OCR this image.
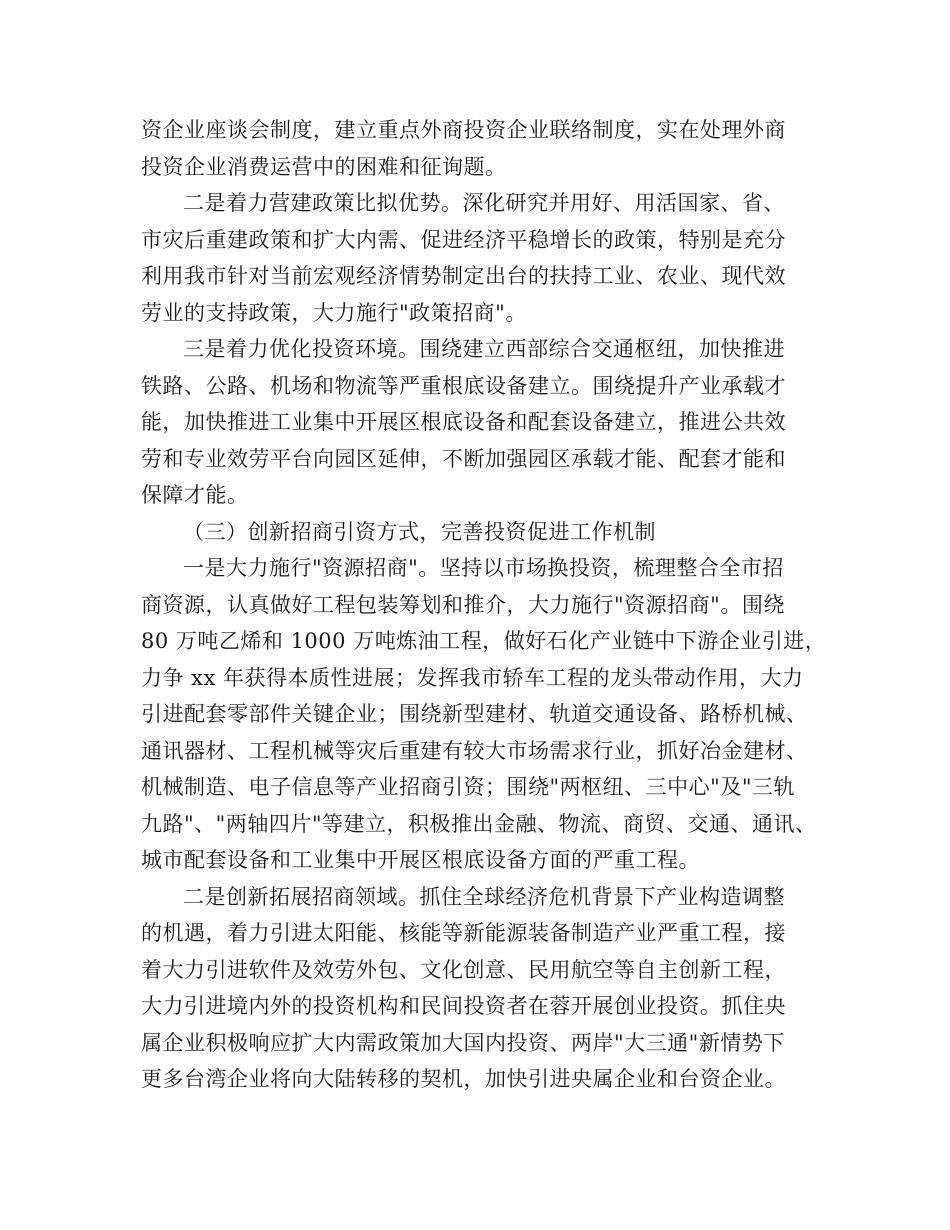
资企业座谈会制度，建立重点外商投资企业联络制度，实在处理外商
投资企业消费运营中的困难和征询题。
二是着力营建政策比拟优势。深化研究并用好、用活国家、省、
市灾后重建政策和扩大内需、促进经济平稳增长的政策，特别是充分
利用我市针对当前宏观经济情势制定出台的扶持工业、农业、现代效
劳业的支持政策，大力施行"政策招商"。
三是着力优化投资环境。围绕建立西部综合交通枢纽，加快推进
铁路、公路、机场和物流等严重根底设备建立。围绕提升产业承载才
能，加快推进工业集中开展区根底设备和配套设备建立，推进公共效
劳和专业效劳平台向园区延伸，不断加强园区承载才能、配套才能和
保障才能。
（三）创新招商引资方式，完善投资促进工作机制
一是大力施行"资源招商"。坚持以市场换投资，梳理整合全市招
商资源，认真做好工程包装筹划和推介，大力施行"资源招商"。围绕
80 万吨乙烯和 1000 万吨炼油工程，做好石化产业链中下游企业引进，
力争 xx 年获得本质性进展；发挥我市轿车工程的龙头带动作用，大力
引进配套零部件关键企业；围绕新型建材、轨道交通设备、路桥机械、
通讯器材、工程机械等灾后重建有较大市场需求行业，抓好冶金建材、
机械制造、电子信息等产业招商引资；围绕"两枢纽、三中心"及"三轨
九路"、"两轴四片"等建立，积极推出金融、物流、商贸、交通、通讯、
城市配套设备和工业集中开展区根底设备方面的严重工程。
二是创新拓展招商领域。抓住全球经济危机背景下产业构造调整
的机遇，着力引进太阳能、核能等新能源装备制造产业严重工程，接
着大力引进软件及效劳外包、文化创意、民用航空等自主创新工程，
大力引进境内外的投资机构和民间投资者在蓉开展创业投资。抓住央
属企业积极响应扩大内需政策加大国内投资、两岸"大三通"新情势下
更多台湾企业将向大陆转移的契机，加快引进央属企业和台资企业。
